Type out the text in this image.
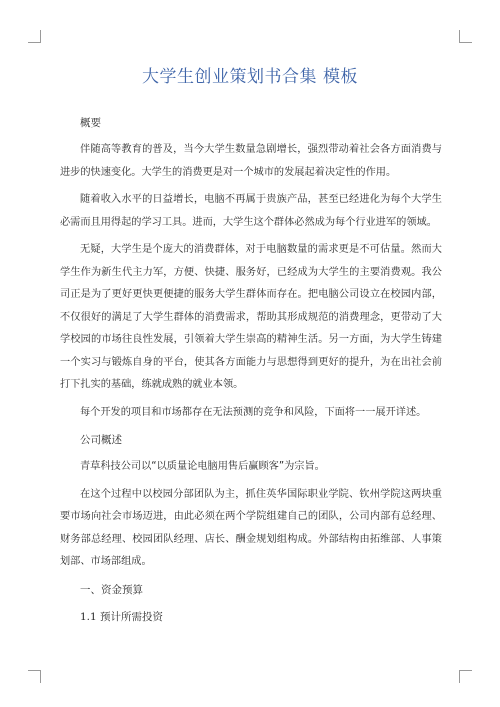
大学生创业策划书合集 模板
概要

伴随高等教育的普及，当今大学生数量急剧增长，强烈带动着社会各方面消费与进步的快速变化。大学生的消费更是对一个城市的发展起着决定性的作用。

随着收入水平的日益增长，电脑不再属于贵族产品，甚至已经进化为每个大学生必需而且用得起的学习工具。进而，大学生这个群体必然成为每个行业进军的领域。

无疑，大学生是个庞大的消费群体，对于电脑数量的需求更是不可估量。然而大学生作为新生代主力军，方便、快捷、服务好，已经成为大学生的主要消费观。我公司正是为了更好更快更便捷的服务大学生群体而存在。把电脑公司设立在校园内部，不仅很好的满足了大学生群体的消费需求，帮助其形成规范的消费理念，更带动了大学校园的市场往良性发展，引领着大学生崇高的精神生活。另一方面，为大学生铸建一个实习与锻炼自身的平台，使其各方面能力与思想得到更好的提升，为在出社会前打下扎实的基础，练就成熟的就业本领。

每个开发的项目和市场都存在无法预测的竞争和风险，下面将一一展开详述。

公司概述

青草科技公司以“以质量论电脑用售后赢顾客”为宗旨。

在这个过程中以校园分部团队为主，抓住英华国际职业学院、钦州学院这两块重要市场向社会市场迈进，由此必须在两个学院组建自己的团队，公司内部有总经理、财务部总经理、校园团队经理、店长、酬金规划组构成。外部结构由拓维部、人事策划部、市场部组成。

一、资金预算
1.1 预计所需投资
